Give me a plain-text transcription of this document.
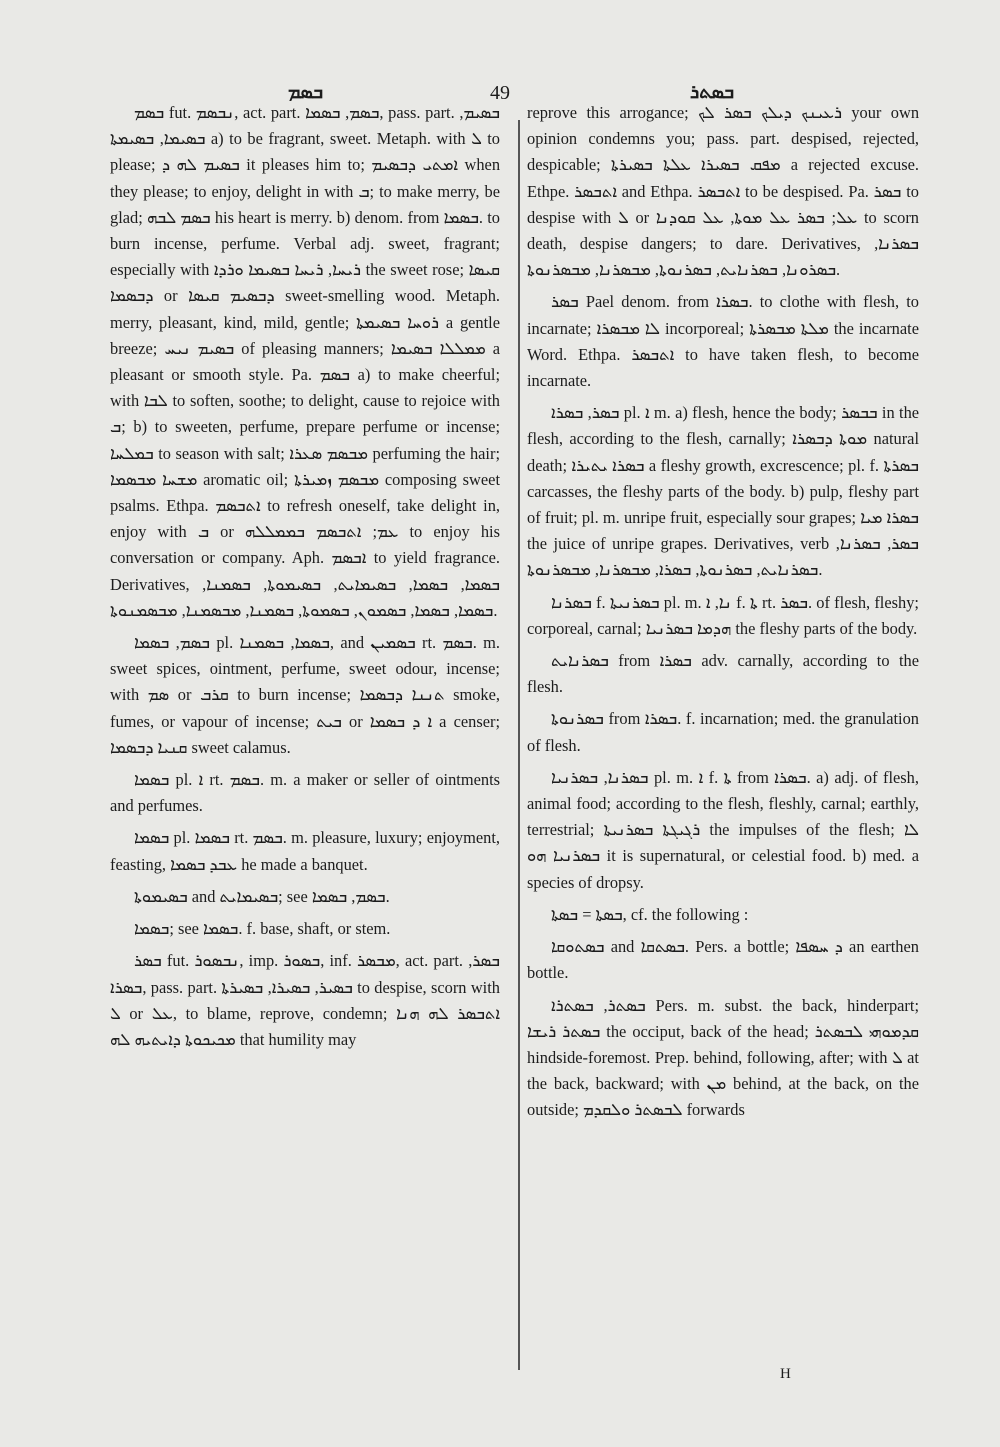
ܒܣܡ	49	ܒܣܬܪ

ܒܣܡ fut. ܢܒܣܡ, act. part. ܒܣܡ, ܒܣܡܐ, pass. part. ܒܣܝܡ, ܒܣܝܡܐ, ܒܣܝܡܬܐ a) to be fragrant, sweet. Metaph. with ܠ to please; ܒܣܝܡ ܠܗ ܕ it pleases him to; ܐܡܬܝ ܕܒܣܝܡ when they please; to enjoy, delight in with ܒ; to make merry, be glad; ܒܣܡ ܠܒܗ his heart is merry. b) denom. from ܒܣܡܐ. to burn incense, perfume. Verbal adj. sweet, fragrant; especially with ܪܝܚܐ, ܪܝܚܐ ܒܣܝܡܐ ܘܪܕܐ the sweet rose; ܩܝܣܐ ܕܒܣܡܐ or ܕܒܣܝܡ ܩܝܣܐ sweet-smelling wood. Metaph. merry, pleasant, kind, mild, gentle; ܪܘܚܐ ܒܣܝܡܬܐ a gentle breeze; ܒܣܝܡ ܢܝܚ of pleasing manners; ܡܡܠܠܐ ܒܣܝܡܐ a pleasant or smooth style. Pa. ܒܣܡ a) to make cheerful; with ܠܒܐ to soften, soothe; to delight, cause to rejoice with ܒ; b) to sweeten, perfume, prepare perfume or incense; ܒܡܠܚܐ to season with salt; ܡܒܣܡ ܣܥܪܐ perfuming the hair; ܡܫܚܐ ܡܒܣܡܐ aromatic oil; ܡܒܣܡ ܙܡܝܪܬܐ composing sweet psalms. Ethpa. ܐܬܒܣܡ to refresh oneself, take delight in, enjoy with ܒ or ܥܡ; ܐܬܒܣܡ ܒܡܡܠܠܗ to enjoy his conversation or company. Aph. ܐܒܣܡ to yield fragrance. Derivatives, ܒܣܡܐ, ܒܣܡܐ, ܒܣܝܡܐܝܬ, ܒܣܝܡܘܬܐ, ܒܣܡܢܐ, ܒܣܡܐ, ܒܣܡܐ, ܒܣܡܘܢ, ܒܣܡܘܬܐ, ܒܣܡܢܐ, ܡܒܣܡܢܐ, ܡܒܣܡܢܘܬܐ.

ܒܣܡ, ܒܣܡܐ pl. ܒܣܡܐ, ܒܣܡܢܐ, and ܒܣܡܝܢ rt. ܒܣܡ. m. sweet spices, ointment, perfume, sweet odour, incense; with ܣܡ or ܩܪܒ to burn incense; ܬܢܢܐ ܕܒܣܡܐ smoke, fumes, or vapour of incense; ܒܝܬ or ܐ ܕ ܒܣܡܐ a censer; ܩܢܝܐ ܕܒܣܡܐ sweet calamus.

ܒܣܡܐ pl. ܐ rt. ܒܣܡ. m. a maker or seller of ointments and perfumes.

ܒܣܡܐ pl. ܒܣܡܐ rt. ܒܣܡ. m. pleasure, luxury; enjoyment, feasting, ܥܒܕ ܒܣܡܐ he made a banquet.

ܒܣܝܡܘܬܐ and ܒܣܝܡܐܝܬ; see ܒܣܡ, ܒܣܡܐ.

ܒܣܡܐ; see ܒܣܡܐ. f. base, shaft, or stem.

ܒܣܪ fut. ܢܒܣܘܪ, imp. ܒܣܘܪ, inf. ܡܒܣܪ, act. part. ܒܣܪ, ܒܣܪܐ, pass. part. ܒܣܝܪ, ܒܣܝܪܐ, ܒܣܝܪܬܐ to despise, scorn with ܠ or ܥܠ, to blame, reprove, condemn; ܐܬܒܣܪ ܠܗ ܗܢܐ ܡܟܝܟܘܬܐ ܕܐܝܬܝܗ ܠܗ that humility may

reprove this arrogance; ܪܥܝܢܟ ܕܝܠܟ ܒܣܪ ܠܟ your own opinion condemns you; pass. part. despised, rejected, despicable; ܡܦܩ ܒܣܝܪܐ ܥܠܬܐ ܒܣܝܪܬܐ a rejected excuse. Ethpe. ܐܬܒܣܪ and Ethpa. ܐܬܒܣܪ to be despised. Pa. ܒܣܪ to despise with ܠ or ܥܠ; ܒܣܪ ܥܠ ܡܘܬܐ, ܥܠ ܩܘܕܢܐ to scorn death, despise dangers; to dare. Derivatives, ܒܣܪܢܐ, ܒܣܪܘܢܐ, ܒܣܪܢܐܝܬ, ܒܣܪܢܘܬܐ, ܡܒܣܪܢܐ, ܡܒܣܪܢܘܬܐ.

ܒܣܪ Pael denom. from ܒܣܪܐ. to clothe with flesh, to incarnate; ܠܐ ܡܒܣܪܐ incorporeal; ܡܠܬܐ ܡܒܣܪܬܐ the incarnate Word. Ethpa. ܐܬܒܣܪ to have taken flesh, to become incarnate.

ܒܣܪ, ܒܣܪܐ pl. ܐ m. a) flesh, hence the body; ܒܒܣܪ in the flesh, according to the flesh, carnally; ܡܘܬܐ ܕܒܣܪܐ natural death; ܒܣܪܐ ܝܬܝܪܐ a fleshy growth, excrescence; pl. f. ܒܣܪܬܐ carcasses, the fleshy parts of the body. b) pulp, fleshy part of fruit; pl. m. unripe fruit, especially sour grapes; ܒܣܪܐ ܡܝܐ the juice of unripe grapes. Derivatives, verb ܒܣܪ, ܒܣܪܢܐ, ܒܣܪܢܐܝܬ, ܒܣܪܢܘܬܐ, ܒܣܪܐ, ܡܒܣܪܢܐ, ܡܒܣܪܢܘܬܐ.

ܒܣܪܢܐ f. ܒܣܪܢܝܬܐ pl. m. ܢܐ, ܐ f. ܬܐ rt. ܒܣܪ. of flesh, fleshy; corporeal, carnal; ܗܕܡܐ ܒܣܪܢܝܐ the fleshy parts of the body.

ܒܣܪܢܐܝܬ from ܒܣܪܐ adv. carnally, according to the flesh.

ܒܣܪܢܘܬܐ from ܒܣܪܐ. f. incarnation; med. the granulation of flesh.

ܒܣܪܢܐ, ܒܣܪܢܝܐ pl. m. ܐ f. ܬܐ from ܒܣܪܐ. a) adj. of flesh, animal food; according to the flesh, fleshly, carnal; earthly, terrestrial; ܪܓܝܓܬܐ ܒܣܪܢܝܬܐ the impulses of the flesh; ܠܐ ܒܣܪܢܝܐ ܗܘ it is supernatural, or celestial food. b) med. a species of dropsy.

ܒܣܬܐ = ܒܣܬܐ, cf. the following :

ܒܣܬܘܩܐ and ܒܣܬܩܐ. Pers. a bottle; ܕ ܚܣܦܐ an earthen bottle.

ܒܣܬܪ, ܒܣܬܪܐ Pers. m. subst. the back, hinderpart; ܒܣܬܪ ܪܝܫܐ the occiput, back of the head; ܩܕܡܘܗܝ ܠܒܣܬܪ hindside-foremost. Prep. behind, following, after; with ܠ at the back, backward; with ܡܢ behind, at the back, on the outside; ܠܒܣܬܪ ܘܠܩܕܡ forwards

H
